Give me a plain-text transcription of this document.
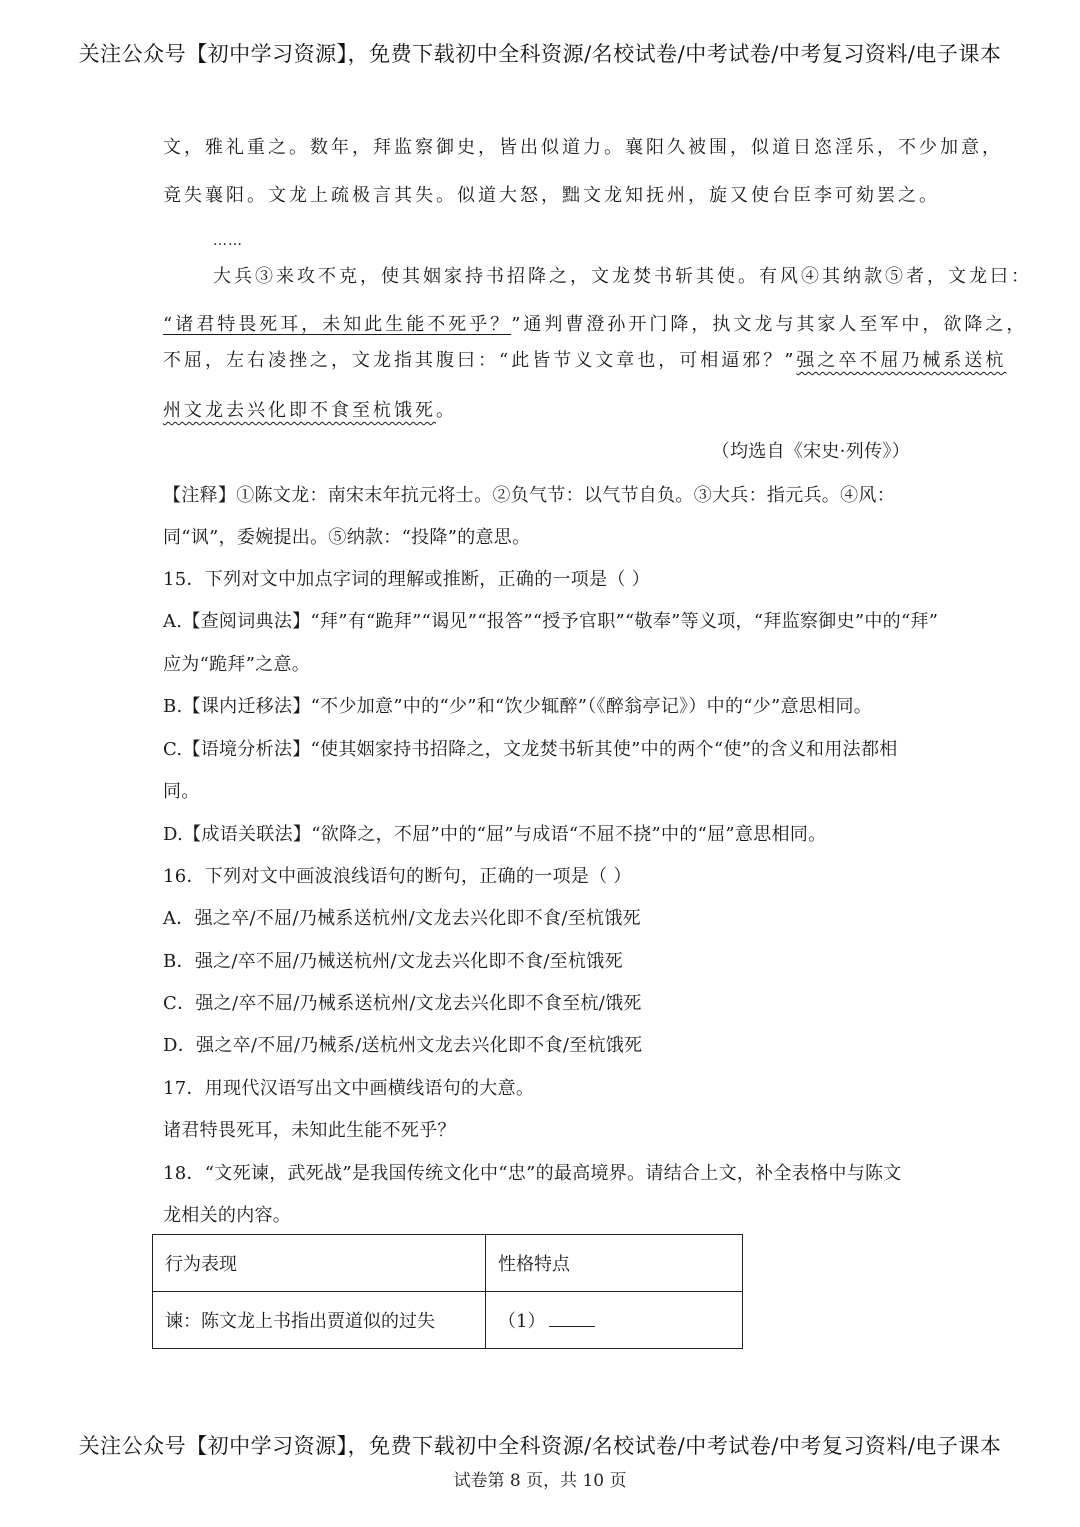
关注公众号【初中学习资源】，免费下载初中全科资源/名校试卷/中考试卷/中考复习资料/电子课本
文，雅礼重之。数年，拜监察御史，皆出似道力。襄阳久被围，似道日恣淫乐，不少加意，
竟失襄阳。文龙上疏极言其失。似道大怒，黜文龙知抚州，旋又使台臣李可劾罢之。
……
大兵③来攻不克，使其姻家持书招降之，文龙焚书斩其使。有风④其纳款⑤者，文龙曰：
“诸君特畏死耳，未知此生能不死乎？”通判曹澄孙开门降，执文龙与其家人至军中，欲降之，
不屈，左右凌挫之，文龙指其腹曰：“此皆节义文章也，可相逼邪？”强之卒不屈乃械系送杭
州文龙去兴化即不食至杭饿死。
（均选自《宋史·列传》）
【注释】①陈文龙：南宋末年抗元将士。②负气节：以气节自负。③大兵：指元兵。④风：
同“讽”，委婉提出。⑤纳款：“投降”的意思。
15．下列对文中加点字词的理解或推断，正确的一项是（ ）
A.【查阅词典法】“拜”有“跪拜”“谒见”“报答”“授予官职”“敬奉”等义项，“拜监察御史”中的“拜”
应为“跪拜”之意。
B.【课内迁移法】“不少加意”中的“少”和“饮少辄醉”（《醉翁亭记》）中的“少”意思相同。
C.【语境分析法】“使其姻家持书招降之，文龙焚书斩其使”中的两个“使”的含义和用法都相
同。
D.【成语关联法】“欲降之，不屈”中的“屈”与成语“不屈不挠”中的“屈”意思相同。
16．下列对文中画波浪线语句的断句，正确的一项是（ ）
A．强之卒/不屈/乃械系送杭州/文龙去兴化即不食/至杭饿死
B．强之/卒不屈/乃械送杭州/文龙去兴化即不食/至杭饿死
C．强之/卒不屈/乃械系送杭州/文龙去兴化即不食至杭/饿死
D．强之卒/不屈/乃械系/送杭州文龙去兴化即不食/至杭饿死
17．用现代汉语写出文中画横线语句的大意。
诸君特畏死耳，未知此生能不死乎？
18．“文死谏，武死战”是我国传统文化中“忠”的最高境界。请结合上文，补全表格中与陈文
龙相关的内容。
行为表现	性格特点
谏：陈文龙上书指出贾道似的过失	（1）
关注公众号【初中学习资源】，免费下载初中全科资源/名校试卷/中考试卷/中考复习资料/电子课本
试卷第 8 页，共 10 页
